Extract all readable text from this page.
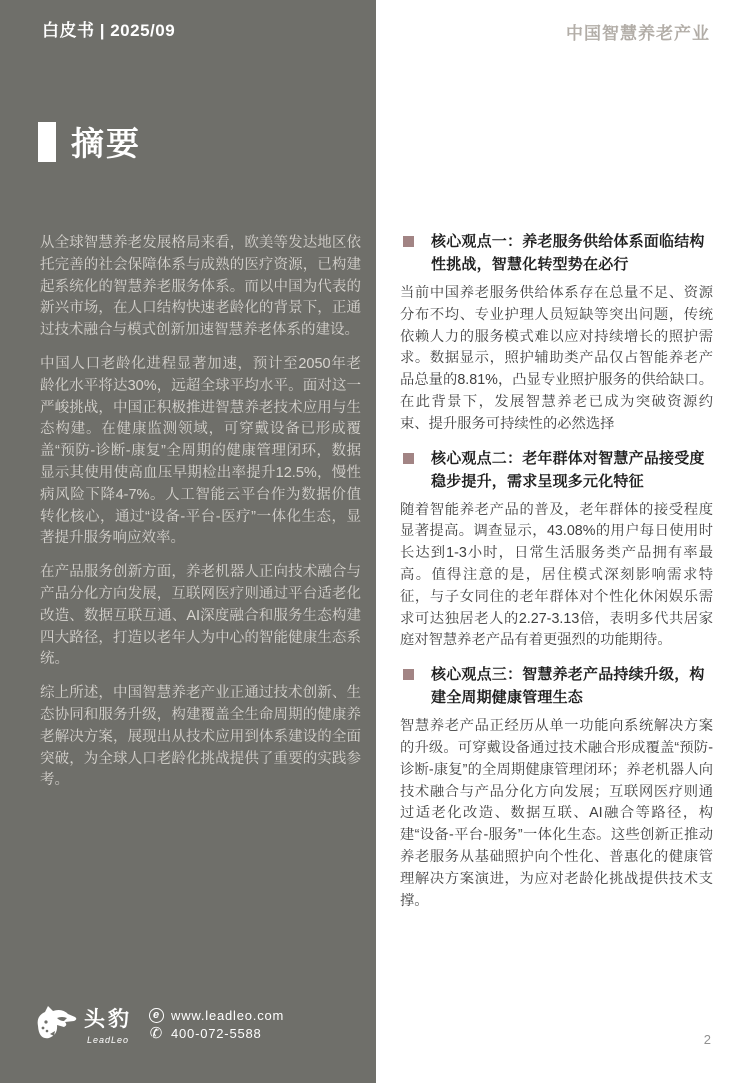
白皮书 | 2025/09
摘要

从全球智慧养老发展格局来看，欧美等发达地区依托完善的社会保障体系与成熟的医疗资源，已构建起系统化的智慧养老服务体系。而以中国为代表的新兴市场，在人口结构快速老龄化的背景下，正通过技术融合与模式创新加速智慧养老体系的建设。

中国人口老龄化进程显著加速，预计至2050年老龄化水平将达30%，远超全球平均水平。面对这一严峻挑战，中国正积极推进智慧养老技术应用与生态构建。在健康监测领域，可穿戴设备已形成覆盖“预防-诊断-康复”全周期的健康管理闭环，数据显示其使用使高血压早期检出率提升12.5%，慢性病风险下降4-7%。人工智能云平台作为数据价值转化核心，通过“设备-平台-医疗”一体化生态，显著提升服务响应效率。

在产品服务创新方面，养老机器人正向技术融合与产品分化方向发展，互联网医疗则通过平台适老化改造、数据互联互通、AI深度融合和服务生态构建四大路径，打造以老年人为中心的智能健康生态系统。

综上所述，中国智慧养老产业正通过技术创新、生态协同和服务升级，构建覆盖全生命周期的健康养老解决方案，展现出从技术应用到体系建设的全面突破，为全球人口老龄化挑战提供了重要的实践参考。

头豹
LeadLeo
e www.leadleo.com
✆ 400-072-5588
中国智慧养老产业
核心观点一：养老服务供给体系面临结构性挑战，智慧化转型势在必行
当前中国养老服务供给体系存在总量不足、资源分布不均、专业护理人员短缺等突出问题，传统依赖人力的服务模式难以应对持续增长的照护需求。数据显示，照护辅助类产品仅占智能养老产品总量的8.81%，凸显专业照护服务的供给缺口。在此背景下，发展智慧养老已成为突破资源约束、提升服务可持续性的必然选择
核心观点二：老年群体对智慧产品接受度稳步提升，需求呈现多元化特征
随着智能养老产品的普及，老年群体的接受程度显著提高。调查显示，43.08%的用户每日使用时长达到1-3小时，日常生活服务类产品拥有率最高。值得注意的是，居住模式深刻影响需求特征，与子女同住的老年群体对个性化休闲娱乐需求可达独居老人的2.27-3.13倍，表明多代共居家庭对智慧养老产品有着更强烈的功能期待。
核心观点三：智慧养老产品持续升级，构建全周期健康管理生态
智慧养老产品正经历从单一功能向系统解决方案的升级。可穿戴设备通过技术融合形成覆盖“预防-诊断-康复”的全周期健康管理闭环；养老机器人向技术融合与产品分化方向发展；互联网医疗则通过适老化改造、数据互联、AI融合等路径，构建“设备-平台-服务”一体化生态。这些创新正推动养老服务从基础照护向个性化、普惠化的健康管理解决方案演进，为应对老龄化挑战提供技术支撑。
2
